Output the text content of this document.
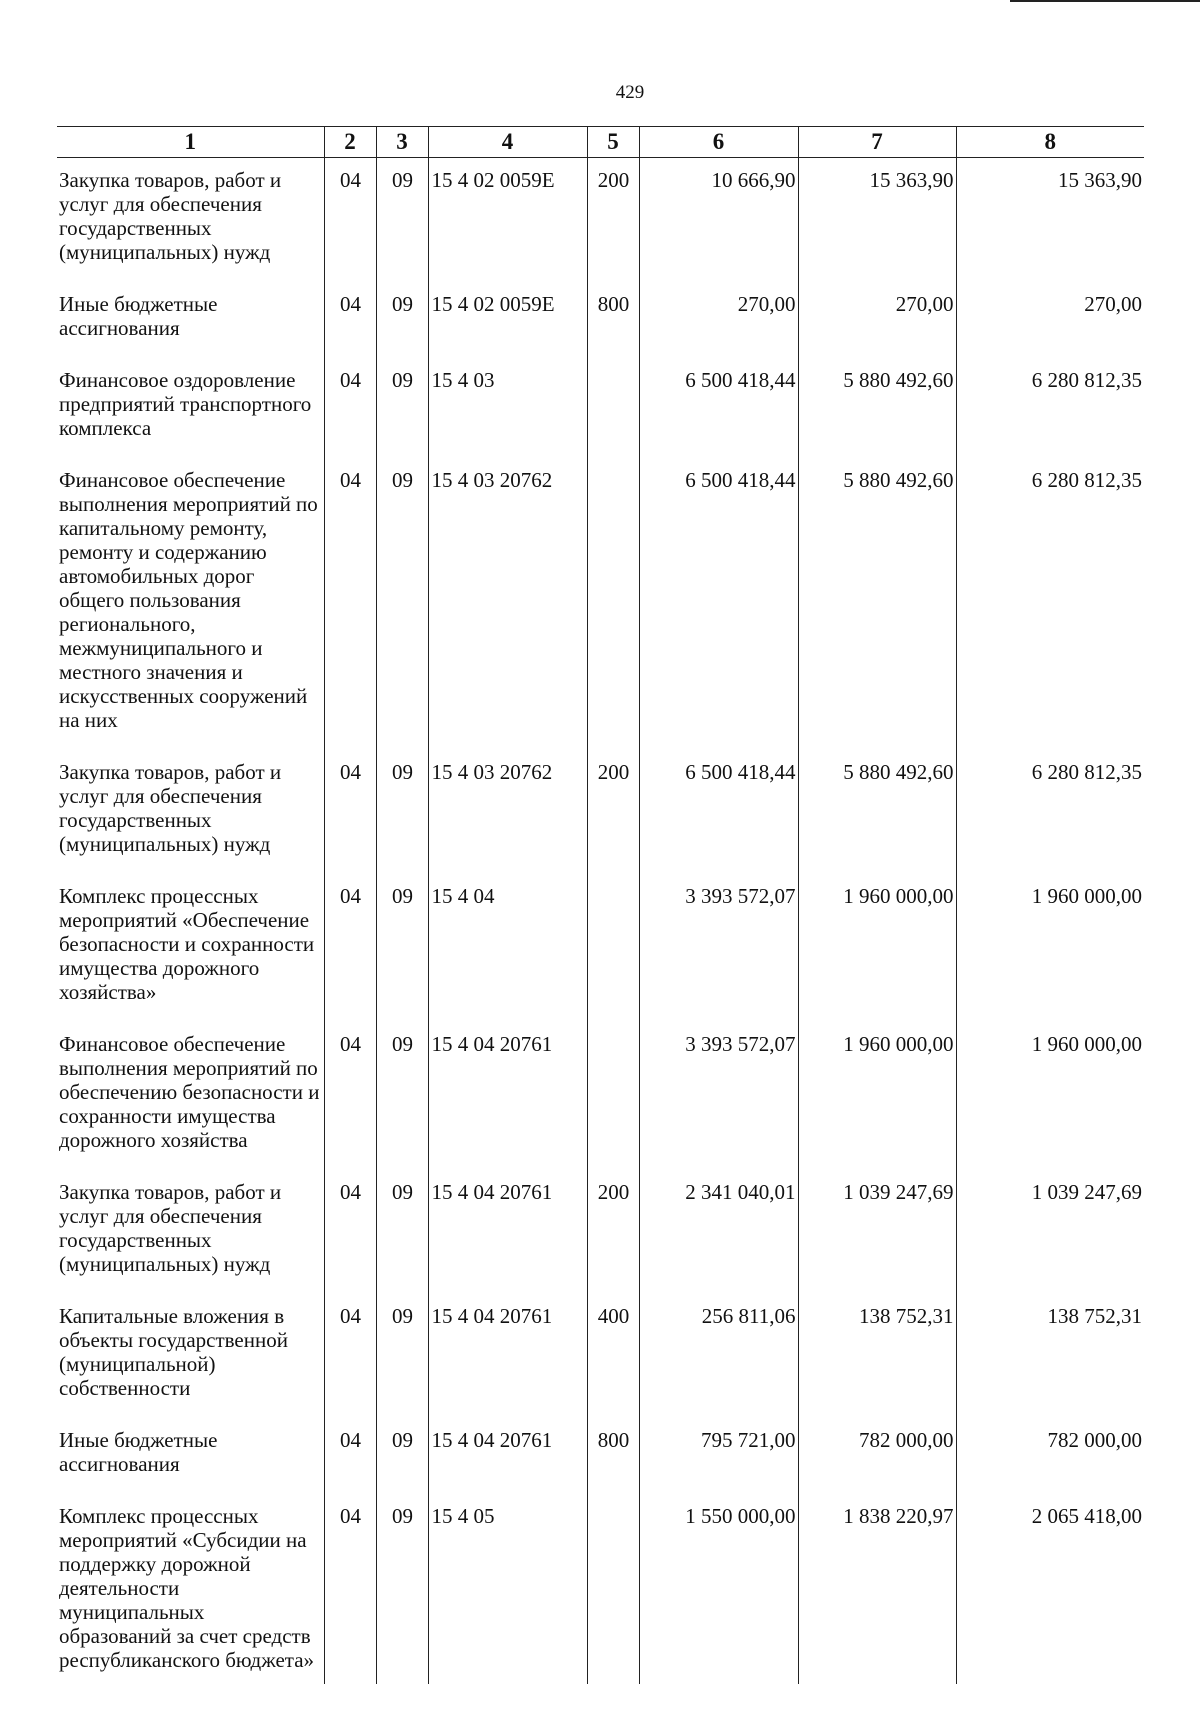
429
1	2	3	4	5	6	7	8
Закупка товаров, работ и услуг для обеспечения государственных (муниципальных) нужд	04	09	15 4 02 0059Е	200	10 666,90	15 363,90	15 363,90
Иные бюджетные ассигнования	04	09	15 4 02 0059Е	800	270,00	270,00	270,00
Финансовое оздоровление предприятий транспортного комплекса	04	09	15 4 03		6 500 418,44	5 880 492,60	6 280 812,35
Финансовое обеспечение выполнения мероприятий по капитальному ремонту, ремонту и содержанию автомобильных дорог общего пользования регионального, межмуниципального и местного значения и искусственных сооружений на них	04	09	15 4 03 20762		6 500 418,44	5 880 492,60	6 280 812,35
Закупка товаров, работ и услуг для обеспечения государственных (муниципальных) нужд	04	09	15 4 03 20762	200	6 500 418,44	5 880 492,60	6 280 812,35
Комплекс процессных мероприятий «Обеспечение безопасности и сохранности имущества дорожного хозяйства»	04	09	15 4 04		3 393 572,07	1 960 000,00	1 960 000,00
Финансовое обеспечение выполнения мероприятий по обеспечению безопасности и сохранности имущества дорожного хозяйства	04	09	15 4 04 20761		3 393 572,07	1 960 000,00	1 960 000,00
Закупка товаров, работ и услуг для обеспечения государственных (муниципальных) нужд	04	09	15 4 04 20761	200	2 341 040,01	1 039 247,69	1 039 247,69
Капитальные вложения в объекты государственной (муниципальной) собственности	04	09	15 4 04 20761	400	256 811,06	138 752,31	138 752,31
Иные бюджетные ассигнования	04	09	15 4 04 20761	800	795 721,00	782 000,00	782 000,00
Комплекс процессных мероприятий «Субсидии на поддержку дорожной деятельности муниципальных образований за счет средств республиканского бюджета»	04	09	15 4 05		1 550 000,00	1 838 220,97	2 065 418,00
